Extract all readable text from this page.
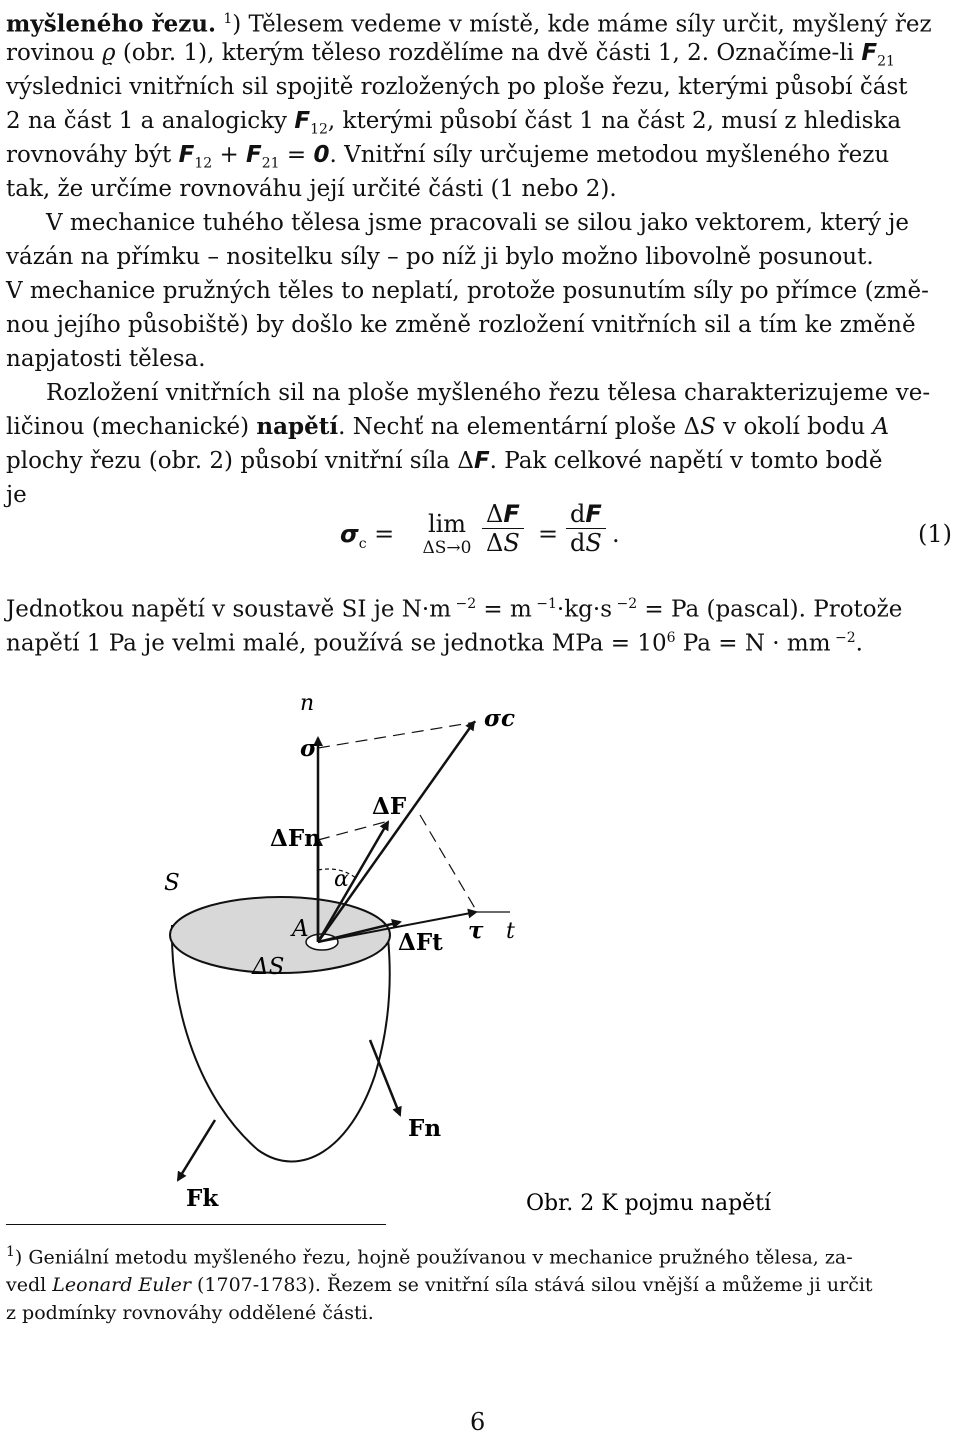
myšleného řezu. $^1$) Tělesem vedeme v místě, kde máme síly určit, myšlený řez
rovinou ϱ (obr. 1), kterým těleso rozdělíme na dvě části 1, 2. Označíme-li $F_{21}$
výslednici vnitřních sil spojitě rozložených po ploše řezu, kterými působí část
2 na část 1 a analogicky $F_{12}$, kterými působí část 1 na část 2, musí z hlediska
rovnováhy být $F_{12} + F_{21} = 0$. Vnitřní síly určujeme metodou myšleného řezu
tak, že určíme rovnováhu její určité části (1 nebo 2).
V mechanice tuhého tělesa jsme pracovali se silou jako vektorem, který je
vázán na přímku – nositelku síly – po níž ji bylo možno libovolně posunout.
V mechanice pružných těles to neplatí, protože posunutím síly po přímce (změ-
nou jejího působiště) by došlo ke změně rozložení vnitřních sil a tím ke změně
napjatosti tělesa.
Rozložení vnitřních sil na ploše myšleného řezu tělesa charakterizujeme ve-
ličinou (mechanické) napětí. Nechť na elementární ploše ΔS v okolí bodu A
plochy řezu (obr. 2) působí vnitřní síla ΔF. Pak celkové napětí v tomto bodě
je
$\sigma_c$ =	lim
$\Delta S\to 0 \frac{\Delta F}{\Delta S} = \frac{dF}{dS}$ .	(1)
Jednotkou napětí v soustavě SI je N·m $^{-2}$ = m $^{-1}$·kg·s $^{-2}$ = Pa (pascal). Protože
napětí 1 Pa je velmi malé, používá se jednotka MPa = $10^6$ Pa = N · mm $^{-2}$.
n
σ
σc
ΔF
ΔFn
S	α
A
ΔS
ΔFt τ t
Fn
Fk	Obr. 2 K pojmu napětí
$^1$) Geniální metodu myšleného řezu, hojně používanou v mechanice pružného tělesa, za-
vedl Leonard Euler (1707-1783). Řezem se vnitřní síla stává silou vnější a můžeme ji určit
z podmínky rovnováhy oddělené části.
6
